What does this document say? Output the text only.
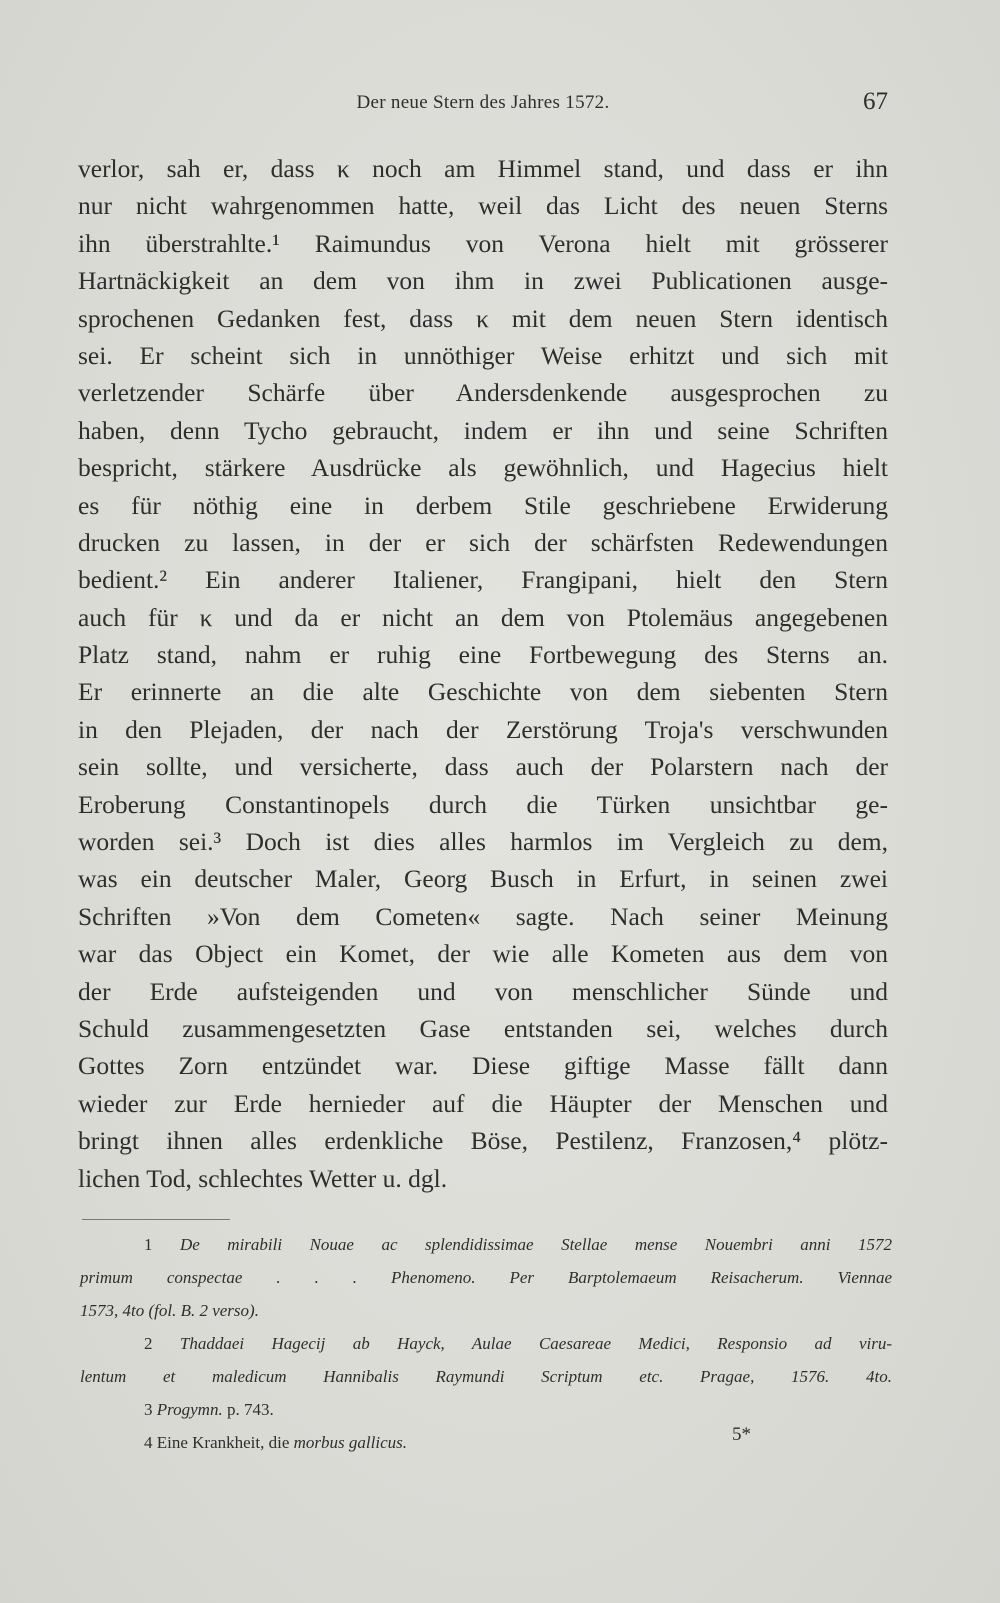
Der neue Stern des Jahres 1572.	67
verlor, sah er, dass κ noch am Himmel stand, und dass er ihn
nur nicht wahrgenommen hatte, weil das Licht des neuen Sterns
ihn überstrahlte.¹ Raimundus von Verona hielt mit grösserer
Hartnäckigkeit an dem von ihm in zwei Publicationen ausge-
sprochenen Gedanken fest, dass κ mit dem neuen Stern identisch
sei. Er scheint sich in unnöthiger Weise erhitzt und sich mit
verletzender Schärfe über Andersdenkende ausgesprochen zu
haben, denn Tycho gebraucht, indem er ihn und seine Schriften
bespricht, stärkere Ausdrücke als gewöhnlich, und Hagecius hielt
es für nöthig eine in derbem Stile geschriebene Erwiderung
drucken zu lassen, in der er sich der schärfsten Redewendungen
bedient.² Ein anderer Italiener, Frangipani, hielt den Stern
auch für κ und da er nicht an dem von Ptolemäus angegebenen
Platz stand, nahm er ruhig eine Fortbewegung des Sterns an.
Er erinnerte an die alte Geschichte von dem siebenten Stern
in den Plejaden, der nach der Zerstörung Troja's verschwunden
sein sollte, und versicherte, dass auch der Polarstern nach der
Eroberung Constantinopels durch die Türken unsichtbar ge-
worden sei.³ Doch ist dies alles harmlos im Vergleich zu dem,
was ein deutscher Maler, Georg Busch in Erfurt, in seinen zwei
Schriften »Von dem Cometen« sagte. Nach seiner Meinung
war das Object ein Komet, der wie alle Kometen aus dem von
der Erde aufsteigenden und von menschlicher Sünde und
Schuld zusammengesetzten Gase entstanden sei, welches durch
Gottes Zorn entzündet war. Diese giftige Masse fällt dann
wieder zur Erde hernieder auf die Häupter der Menschen und
bringt ihnen alles erdenkliche Böse, Pestilenz, Franzosen,⁴ plötz-
lichen Tod, schlechtes Wetter u. dgl.
1 De mirabili Nouae ac splendidissimae Stellae mense Nouembri anni 1572
primum conspectae . . . Phenomeno. Per Barptolemaeum Reisacherum. Viennae
1573, 4to (fol. B. 2 verso).
2 Thaddaei Hagecij ab Hayck, Aulae Caesareae Medici, Responsio ad viru-
lentum et maledicum Hannibalis Raymundi Scriptum etc. Pragae, 1576. 4to.
3 Progymn. p. 743.
4 Eine Krankheit, die morbus gallicus.	5*
